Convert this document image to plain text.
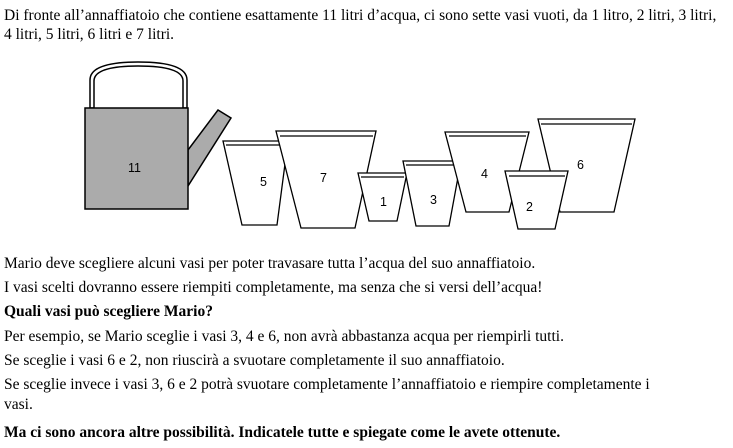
Di fronte all’annaffiatoio che contiene esattamente 11 litri d’acqua, ci sono sette vasi vuoti, da 1 litro, 2 litri, 3 litri, 4 litri, 5 litri, 6 litri e 7 litri.

11
5	7
1	3
4
6
2

Mario deve scegliere alcuni vasi per poter travasare tutta l’acqua del suo annaffiatoio.

I vasi scelti dovranno essere riempiti completamente, ma senza che si versi dell’acqua!

Quali vasi può scegliere Mario?

Per esempio, se Mario sceglie i vasi 3, 4 e 6, non avrà abbastanza acqua per riempirli tutti.

Se sceglie i vasi 6 e 2, non riuscirà a svuotare completamente il suo annaffiatoio.

Se sceglie invece i vasi 3, 6 e 2 potrà svuotare completamente l’annaffiatoio e riempire completamente i

vasi.

Ma ci sono ancora altre possibilità. Indicatele tutte e spiegate come le avete ottenute.
